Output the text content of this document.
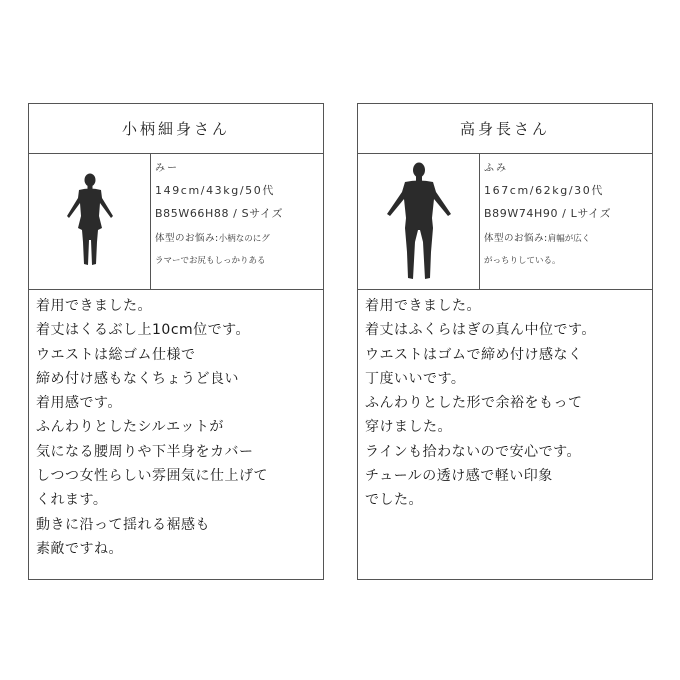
小柄細身さん
みー
149cm/43kg/50代
B85W66H88 / Sサイズ
体型のお悩み:小柄なのにグ
ラマーでお尻もしっかりある
着用できました。
着丈はくるぶし上10cm位です。
ウエストは総ゴム仕様で
締め付け感もなくちょうど良い
着用感です。
ふんわりとしたシルエットが
気になる腰周りや下半身をカバー
しつつ女性らしい雰囲気に仕上げて
くれます。
動きに沿って揺れる裾感も
素敵ですね。
高身長さん
ふみ
167cm/62kg/30代
B89W74H90 / Lサイズ
体型のお悩み:肩幅が広く
がっちりしている。
着用できました。
着丈はふくらはぎの真ん中位です。
ウエストはゴムで締め付け感なく
丁度いいです。
ふんわりとした形で余裕をもって
穿けました。
ラインも拾わないので安心です。
チュールの透け感で軽い印象
でした。
